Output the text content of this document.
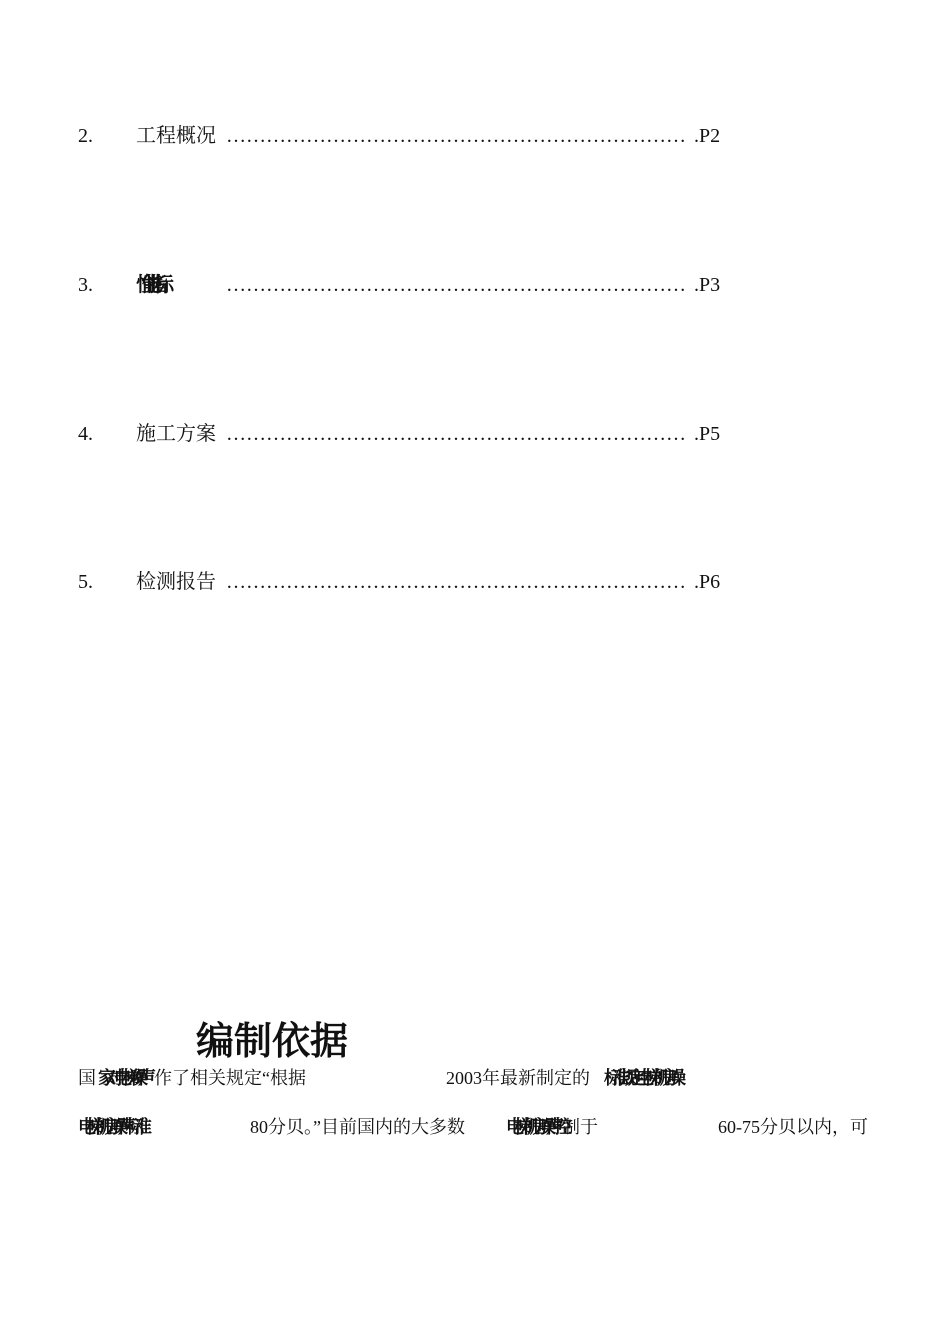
2. 工程概况 …………………………………………………………… .P2
3. 性能指标	…………………………………………………………… .P3
4. 施工方案 …………………………………………………………… .P5
5. 检测报告 …………………………………………………………… .P6
编制依据
国 家对电梯噪声 作了相关规定“根据	2003年最新制定的 标准规定电梯机房噪
电梯机房噪声标准	80分贝。”目前国内的大多数 电梯机房噪声控 制于	60-75分贝以内，可
